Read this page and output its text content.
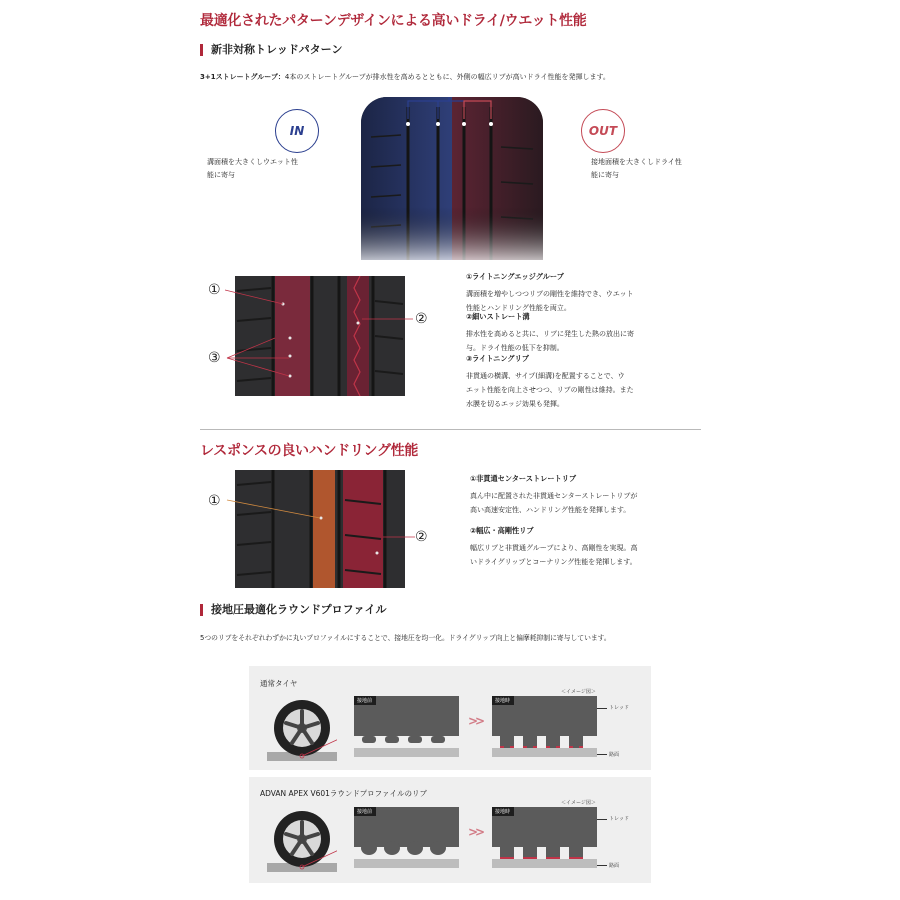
最適化されたパターンデザインによる高いドライ/ウエット性能
新非対称トレッドパターン
3+1ストレートグルーブ：4本のストレートグルーブが排水性を高めるとともに、外側の幅広リブが高いドライ性能を発揮します。
IN
溝面積を大きくしウエット性
能に寄与
OUT
接地面積を大きくしドライ性
能に寄与
①
②
③
①ライトニングエッジグルーブ
溝面積を増やしつつリブの剛性を維持でき、ウエット
性能とハンドリング性能を両立。
②細いストレート溝
排水性を高めると共に、リブに発生した熱の放出に寄
与。ドライ性能の低下を抑制。
③ライトニングリブ
非貫通の横溝、サイプ(細溝)を配置することで、ウ
エット性能を向上させつつ、リブの剛性は維持。また
水膜を切るエッジ効果も発揮。
レスポンスの良いハンドリング性能
①
②
①非貫通センターストレートリブ
真ん中に配置された非貫通センターストレートリブが
高い高速安定性、ハンドリング性能を発揮します。
②幅広・高剛性リブ
幅広リブと非貫通グルーブにより、高剛性を実現。高
いドライグリップとコーナリング性能を発揮します。
接地圧最適化ラウンドプロファイル
5つのリブをそれぞれわずかに丸いプロファイルにすることで、接地圧を均一化。ドライグリップ向上と偏摩耗抑制に寄与しています。
通常タイヤ
接地前
>>
接地時
＜イメージ図＞
トレッド
路面
ADVAN APEX V601ラウンドプロファイルのリブ
接地前
>>
接地時
＜イメージ図＞
トレッド
路面
